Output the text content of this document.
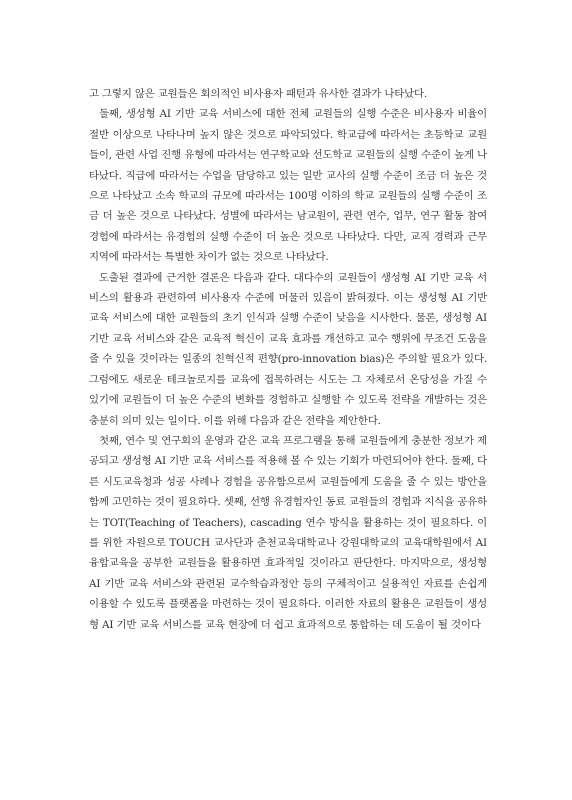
고 그렇지 않은 교원들은 회의적인 비사용자 패턴과 유사한 결과가 나타났다.

둘째, 생성형 AI 기반 교육 서비스에 대한 전체 교원들의 실행 수준은 비사용자 비율이 절반 이상으로 나타나며 높지 않은 것으로 파악되었다. 학교급에 따라서는 초등학교 교원들이, 관련 사업 진행 유형에 따라서는 연구학교와 선도학교 교원들의 실행 수준이 높게 나타났다. 직급에 따라서는 수업을 담당하고 있는 일반 교사의 실행 수준이 조금 더 높은 것으로 나타났고 소속 학교의 규모에 따라서는 100명 이하의 학교 교원들의 실행 수준이 조금 더 높은 것으로 나타났다. 성별에 따라서는 남교원이, 관련 연수, 업무, 연구 활동 참여 경험에 따라서는 유경험의 실행 수준이 더 높은 것으로 나타났다. 다만, 교직 경력과 근무 지역에 따라서는 특별한 차이가 없는 것으로 나타났다.

도출된 결과에 근거한 결론은 다음과 같다. 대다수의 교원들이 생성형 AI 기반 교육 서비스의 활용과 관련하여 비사용자 수준에 머물러 있음이 밝혀졌다. 이는 생성형 AI 기반 교육 서비스에 대한 교원들의 초기 인식과 실행 수준이 낮음을 시사한다. 물론, 생성형 AI 기반 교육 서비스와 같은 교육적 혁신이 교육 효과를 개선하고 교수 행위에 무조건 도움을 줄 수 있을 것이라는 일종의 친혁신적 편향(pro-innovation bias)은 주의할 필요가 있다. 그럼에도 새로운 테크놀로지를 교육에 접목하려는 시도는 그 자체로서 온당성을 가질 수 있기에 교원들이 더 높은 수준의 변화를 경험하고 실행할 수 있도록 전략을 개발하는 것은 충분히 의미 있는 일이다. 이를 위해 다음과 같은 전략을 제안한다.

첫째, 연수 및 연구회의 운영과 같은 교육 프로그램을 통해 교원들에게 충분한 정보가 제공되고 생성형 AI 기반 교육 서비스를 적용해 볼 수 있는 기회가 마련되어야 한다. 둘째, 다른 시도교육청과 성공 사례나 경험을 공유함으로써 교원들에게 도움을 줄 수 있는 방안을 함께 고민하는 것이 필요하다. 셋째, 선행 유경험자인 동료 교원들의 경험과 지식을 공유하는 TOT(Teaching of Teachers), cascading 연수 방식을 활용하는 것이 필요하다. 이를 위한 자원으로 TOUCH 교사단과 춘천교육대학교나 강원대학교의 교육대학원에서 AI융합교육을 공부한 교원들을 활용하면 효과적일 것이라고 판단한다. 마지막으로, 생성형 AI 기반 교육 서비스와 관련된 교수학습과정안 등의 구체적이고 실용적인 자료를 손쉽게 이용할 수 있도록 플랫폼을 마련하는 것이 필요하다. 이러한 자료의 활용은 교원들이 생성형 AI 기반 교육 서비스를 교육 현장에 더 쉽고 효과적으로 통합하는 데 도움이 될 것이다
